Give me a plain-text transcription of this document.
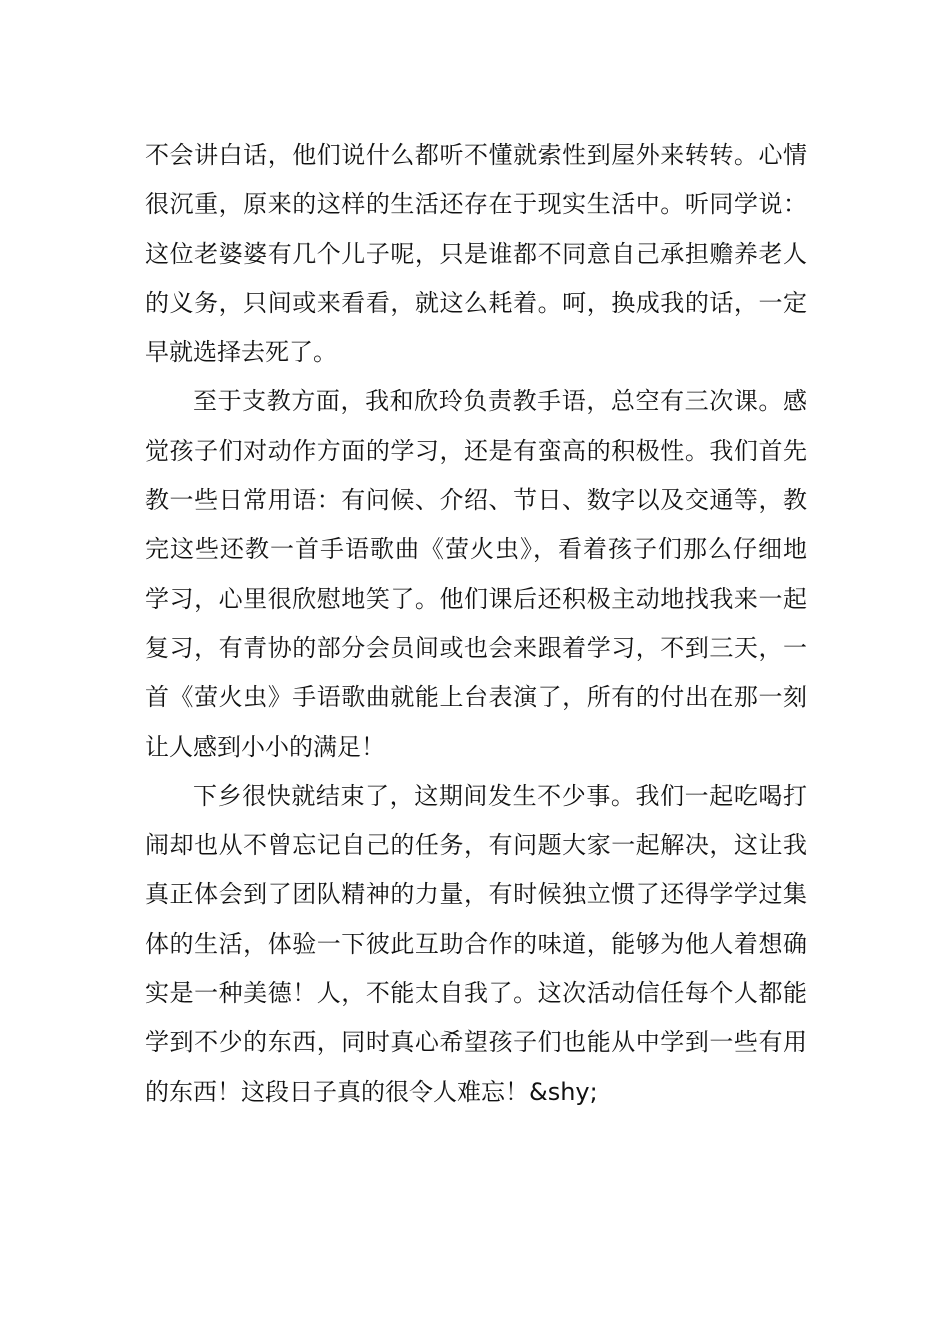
不会讲白话，他们说什么都听不懂就索性到屋外来转转。心情
很沉重，原来的这样的生活还存在于现实生活中。听同学说：
这位老婆婆有几个儿子呢，只是谁都不同意自己承担赡养老人
的义务，只间或来看看，就这么耗着。呵，换成我的话，一定
早就选择去死了。
至于支教方面，我和欣玲负责教手语，总空有三次课。感
觉孩子们对动作方面的学习，还是有蛮高的积极性。我们首先
教一些日常用语：有问候、介绍、节日、数字以及交通等，教
完这些还教一首手语歌曲《萤火虫》，看着孩子们那么仔细地
学习，心里很欣慰地笑了。他们课后还积极主动地找我来一起
复习，有青协的部分会员间或也会来跟着学习，不到三天，一
首《萤火虫》手语歌曲就能上台表演了，所有的付出在那一刻
让人感到小小的满足！
下乡很快就结束了，这期间发生不少事。我们一起吃喝打
闹却也从不曾忘记自己的任务，有问题大家一起解决，这让我
真正体会到了团队精神的力量，有时候独立惯了还得学学过集
体的生活，体验一下彼此互助合作的味道，能够为他人着想确
实是一种美德！人，不能太自我了。这次活动信任每个人都能
学到不少的东西，同时真心希望孩子们也能从中学到一些有用
的东西！这段日子真的很令人难忘！&shy;
